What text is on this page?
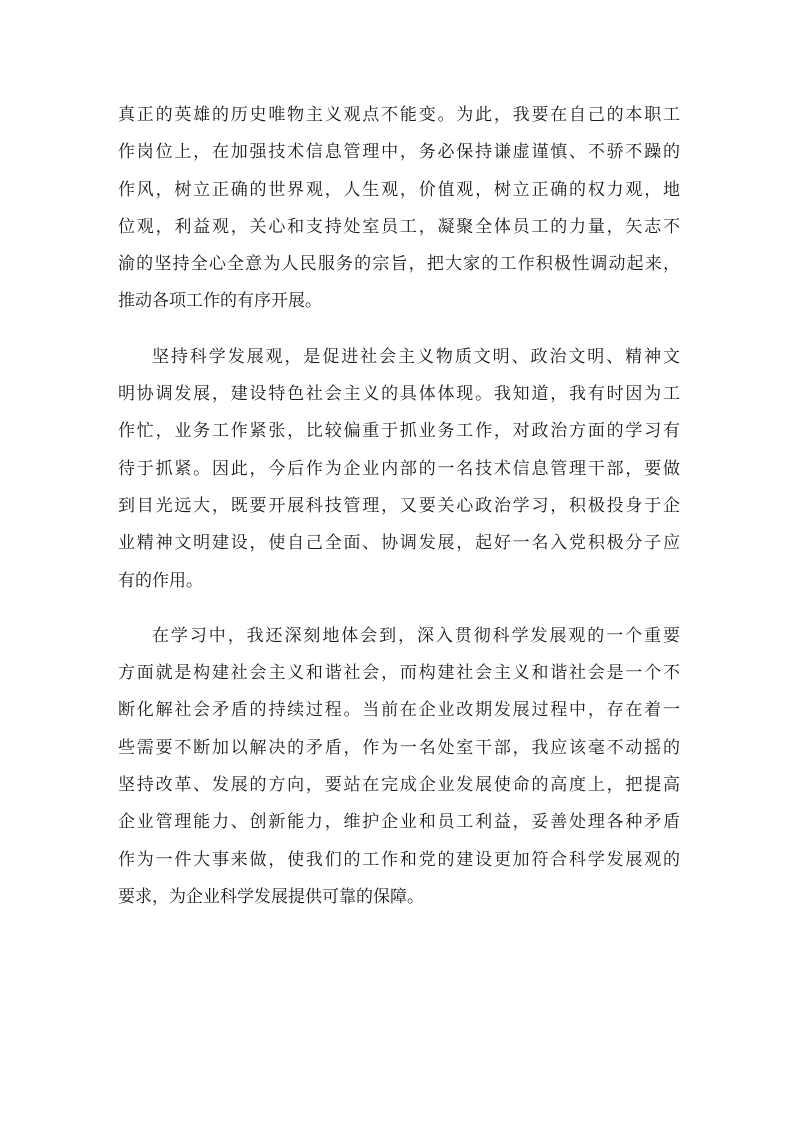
真正的英雄的历史唯物主义观点不能变。为此，我要在自己的本职工
作岗位上，在加强技术信息管理中，务必保持谦虚谨慎、不骄不躁的
作风，树立正确的世界观，人生观，价值观，树立正确的权力观，地
位观，利益观，关心和支持处室员工，凝聚全体员工的力量，矢志不
渝的坚持全心全意为人民服务的宗旨，把大家的工作积极性调动起来，
推动各项工作的有序开展。
坚持科学发展观，是促进社会主义物质文明、政治文明、精神文
明协调发展，建设特色社会主义的具体体现。我知道，我有时因为工
作忙，业务工作紧张，比较偏重于抓业务工作，对政治方面的学习有
待于抓紧。因此，今后作为企业内部的一名技术信息管理干部，要做
到目光远大，既要开展科技管理，又要关心政治学习，积极投身于企
业精神文明建设，使自己全面、协调发展，起好一名入党积极分子应
有的作用。
在学习中，我还深刻地体会到，深入贯彻科学发展观的一个重要
方面就是构建社会主义和谐社会，而构建社会主义和谐社会是一个不
断化解社会矛盾的持续过程。当前在企业改期发展过程中，存在着一
些需要不断加以解决的矛盾，作为一名处室干部，我应该毫不动摇的
坚持改革、发展的方向，要站在完成企业发展使命的高度上，把提高
企业管理能力、创新能力，维护企业和员工利益，妥善处理各种矛盾
作为一件大事来做，使我们的工作和党的建设更加符合科学发展观的
要求，为企业科学发展提供可靠的保障。
